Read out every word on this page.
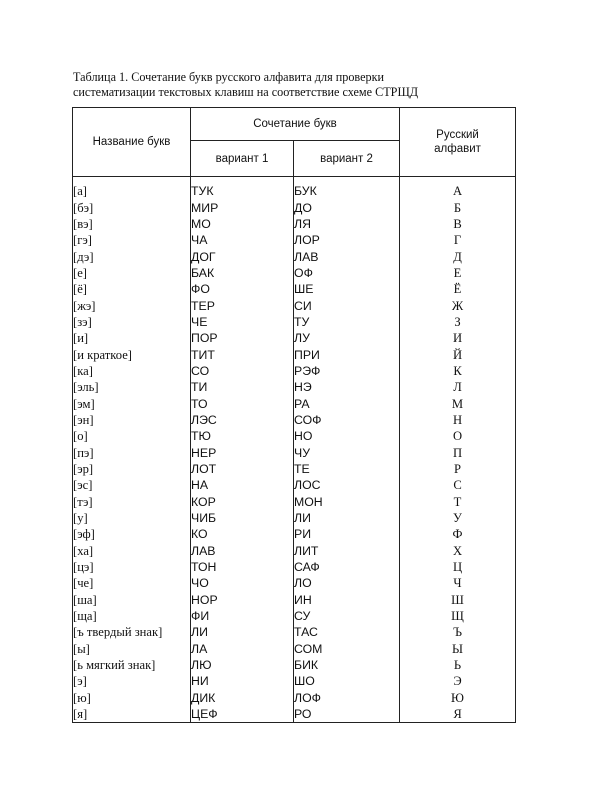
Таблица 1. Сочетание букв русского алфавита для проверки
систематизации текстовых клавиш на соответствие схеме СТРЩД
Название букв	Сочетание букв		Русский алфавит
	вариант 1	вариант 2	

[а]	ТУК	БУК	А
[бэ]	МИР	ДО	Б
[вэ]	МО	ЛЯ	В
[гэ]	ЧА	ЛОР	Г
[дэ]	ДОГ	ЛАВ	Д
[е]	БАК	ОФ	Е
[ё]	ФО	ШЕ	Ё
[жэ]	ТЕР	СИ	Ж
[зэ]	ЧЕ	ТУ	З
[и]	ПОР	ЛУ	И
[и краткое]	ТИТ	ПРИ	Й
[ка]	СО	РЭФ	К
[эль]	ТИ	НЭ	Л
[эм]	ТО	РА	М
[эн]	ЛЭС	СОФ	Н
[о]	ТЮ	НО	О
[пэ]	НЕР	ЧУ	П
[эр]	ЛОТ	ТЕ	Р
[эс]	НА	ЛОС	С
[тэ]	КОР	МОН	Т
[у]	ЧИБ	ЛИ	У
[эф]	КО	РИ	Ф
[ха]	ЛАВ	ЛИТ	Х
[цэ]	ТОН	САФ	Ц
[че]	ЧО	ЛО	Ч
[ша]	НОР	ИН	Ш
[ща]	ФИ	СУ	Щ
[ъ твердый знак]	ЛИ	ТАС	Ъ
[ы]	ЛА	СОМ	Ы
[ь мягкий знак]	ЛЮ	БИК	Ь
[э]	НИ	ШО	Э
[ю]	ДИК	ЛОФ	Ю
[я]	ЦЕФ	РО	Я
